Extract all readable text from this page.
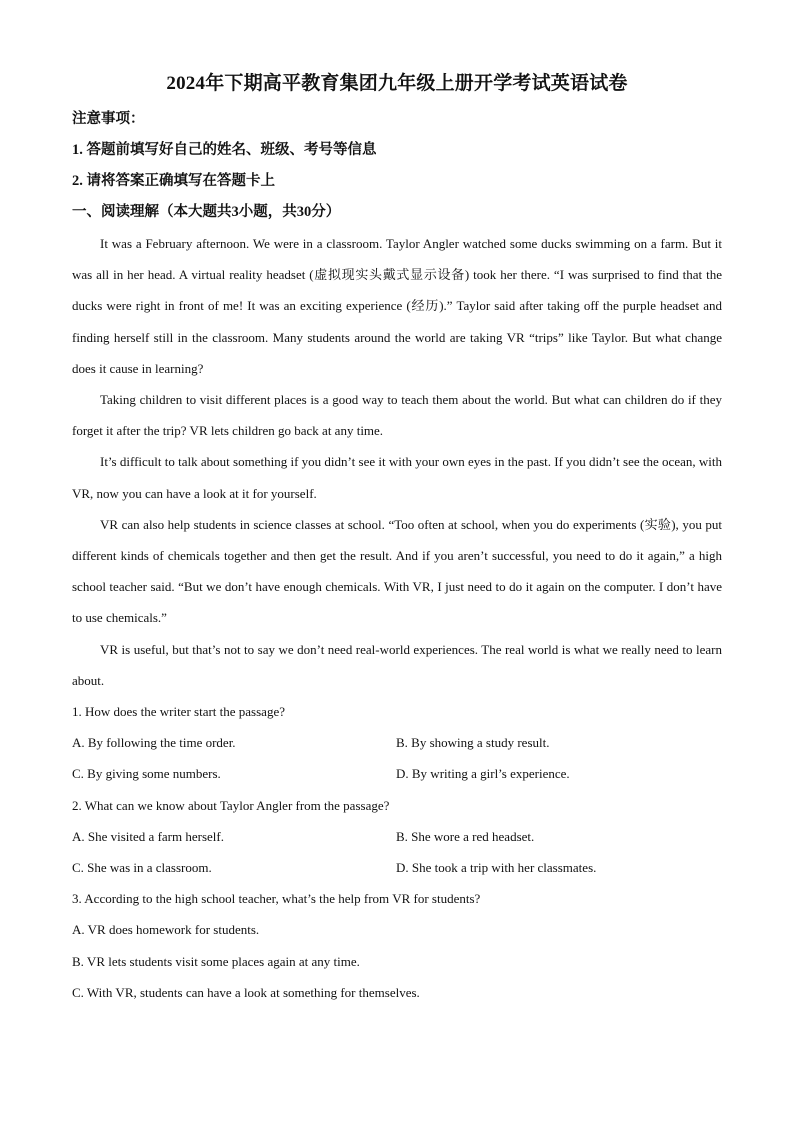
2024年下期高平教育集团九年级上册开学考试英语试卷
注意事项：
1. 答题前填写好自己的姓名、班级、考号等信息
2. 请将答案正确填写在答题卡上
一、阅读理解（本大题共3小题，共30分）

It was a February afternoon. We were in a classroom. Taylor Angler watched some ducks swimming on a farm. But it was all in her head. A virtual reality headset (虚拟现实头戴式显示设备) took her there. “I was surprised to find that the ducks were right in front of me! It was an exciting experience (经历).” Taylor said after taking off the purple headset and finding herself still in the classroom. Many students around the world are taking VR “trips” like Taylor. But what change does it cause in learning?

Taking children to visit different places is a good way to teach them about the world. But what can children do if they forget it after the trip? VR lets children go back at any time.

It’s difficult to talk about something if you didn’t see it with your own eyes in the past. If you didn’t see the ocean, with VR, now you can have a look at it for yourself.

VR can also help students in science classes at school. “Too often at school, when you do experiments (实验), you put different kinds of chemicals together and then get the result. And if you aren’t successful, you need to do it again,” a high school teacher said. “But we don’t have enough chemicals. With VR, I just need to do it again on the computer. I don’t have to use chemicals.”

VR is useful, but that’s not to say we don’t need real-world experiences. The real world is what we really need to learn about.

1. How does the writer start the passage?

A. By following the time order.	B. By showing a study result.
C. By giving some numbers.	D. By writing a girl’s experience.

2. What can we know about Taylor Angler from the passage?

A. She visited a farm herself.	B. She wore a red headset.
C. She was in a classroom.	D. She took a trip with her classmates.

3. According to the high school teacher, what’s the help from VR for students?

A. VR does homework for students.

B. VR lets students visit some places again at any time.

C. With VR, students can have a look at something for themselves.
